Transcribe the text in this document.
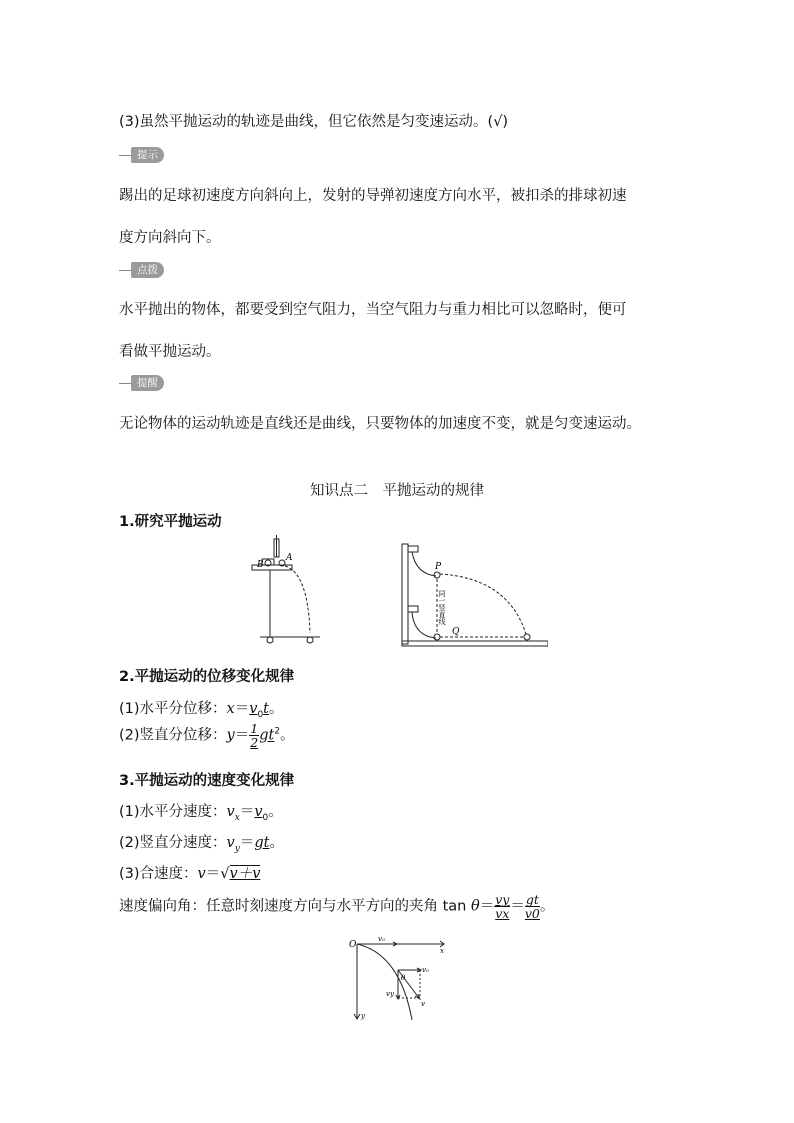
(3)虽然平抛运动的轨迹是曲线，但它依然是匀变速运动。(√)
提示
踢出的足球初速度方向斜向上，发射的导弹初速度方向水平，被扣杀的排球初速
度方向斜向下。
点拨
水平抛出的物体，都要受到空气阻力，当空气阻力与重力相比可以忽略时，便可
看做平抛运动。
提醒
无论物体的运动轨迹是直线还是曲线，只要物体的加速度不变，就是匀变速运动。
知识点二　平抛运动的规律
1.研究平抛运动
B
A
P
Q
同一竖直线
2.平抛运动的位移变化规律
(1)水平分位移：$x=v_0t$。
(2)竖直分位移：$y= \frac{1}{2} gt^2$。
3.平抛运动的速度变化规律
(1)水平分速度：$v_x=v_0$。
(2)竖直分速度：$v_y=gt$。
(3)合速度：v＝√v＋v
速度偏向角：任意时刻速度方向与水平方向的夹角 $\tan \theta= \frac{vy}{vx} = \frac{gt}{v0}$ 。
O
v₀
x
y
v₀
θ
vy
v
